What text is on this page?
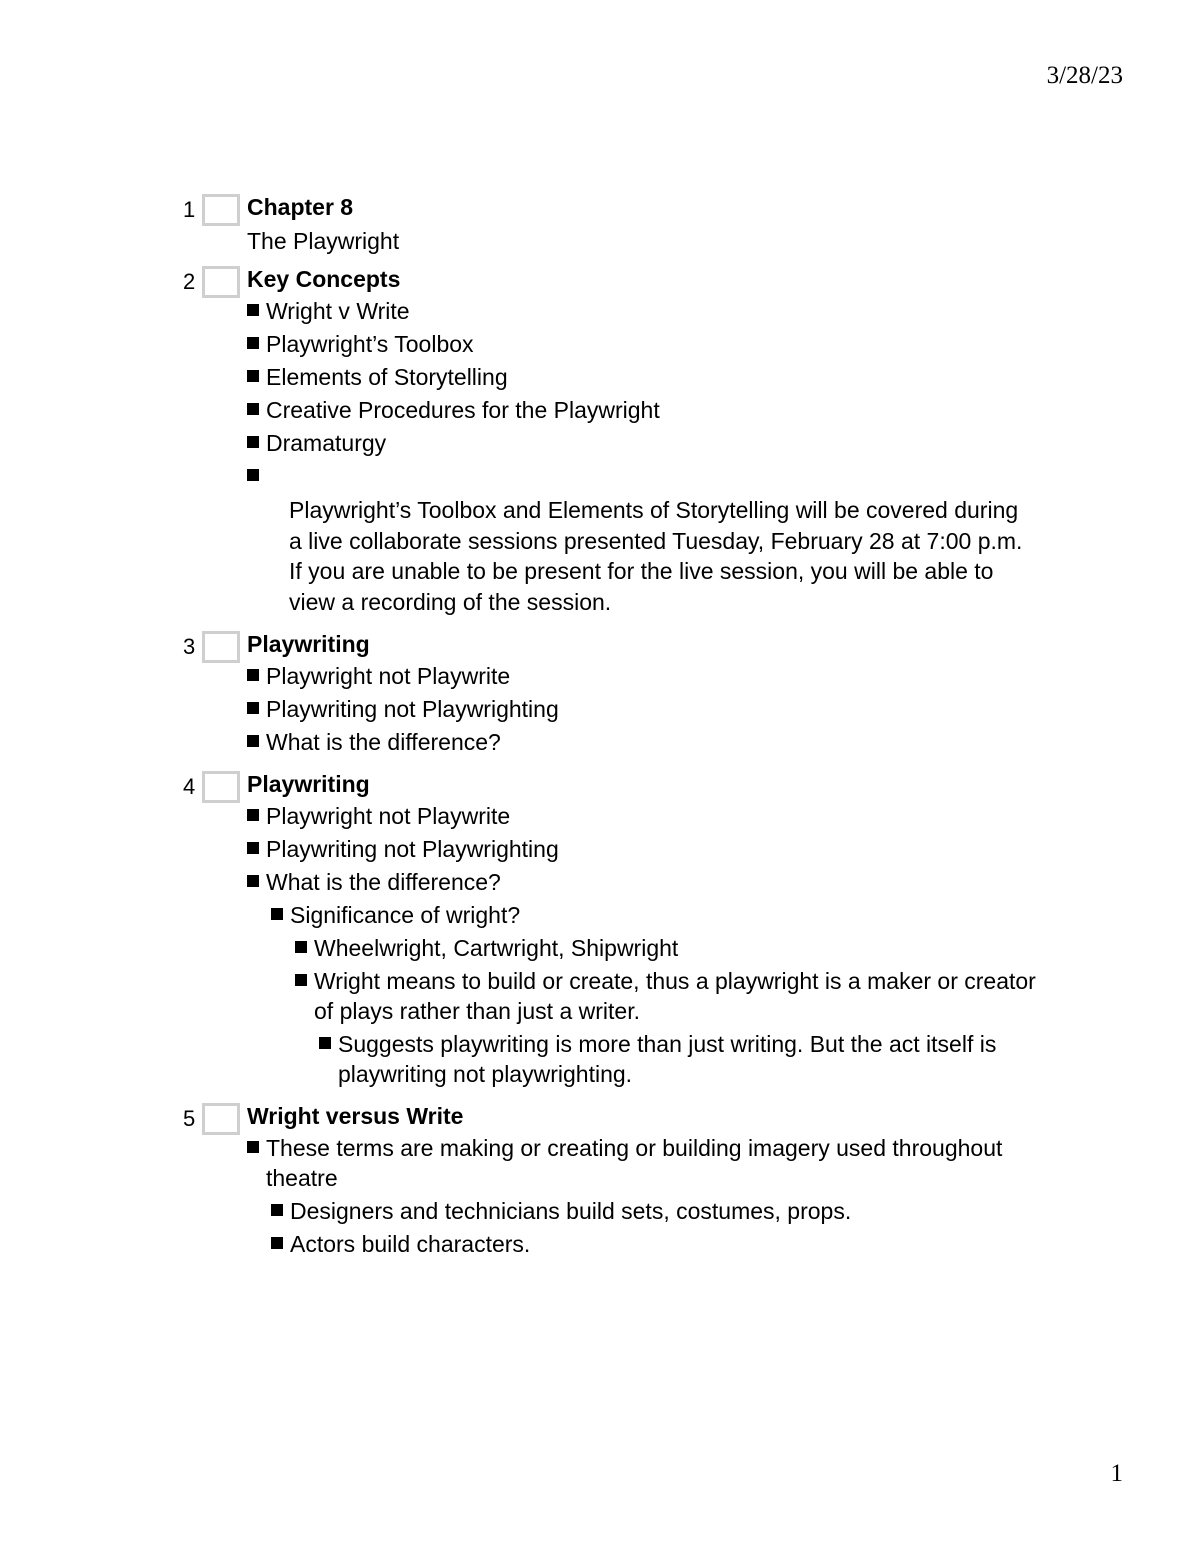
3/28/23
1 Chapter 8
The Playwright
2 Key Concepts
Wright v Write
Playwright’s Toolbox
Elements of Storytelling
Creative Procedures for the Playwright
Dramaturgy
Playwright’s Toolbox and Elements of Storytelling will be covered during a live collaborate sessions presented Tuesday, February 28 at 7:00 p.m. If you are unable to be present for the live session, you will be able to view a recording of the session.
3 Playwriting
Playwright not Playwrite
Playwriting not Playwrighting
What is the difference?
4 Playwriting
Playwright not Playwrite
Playwriting not Playwrighting
What is the difference?
Significance of wright?
Wheelwright, Cartwright, Shipwright
Wright means to build or create, thus a playwright is a maker or creator of plays rather than just a writer.
Suggests playwriting is more than just writing. But the act itself is playwriting not playwrighting.
5 Wright versus Write
These terms are making or creating or building imagery used throughout theatre
Designers and technicians build sets, costumes, props.
Actors build characters.
1
